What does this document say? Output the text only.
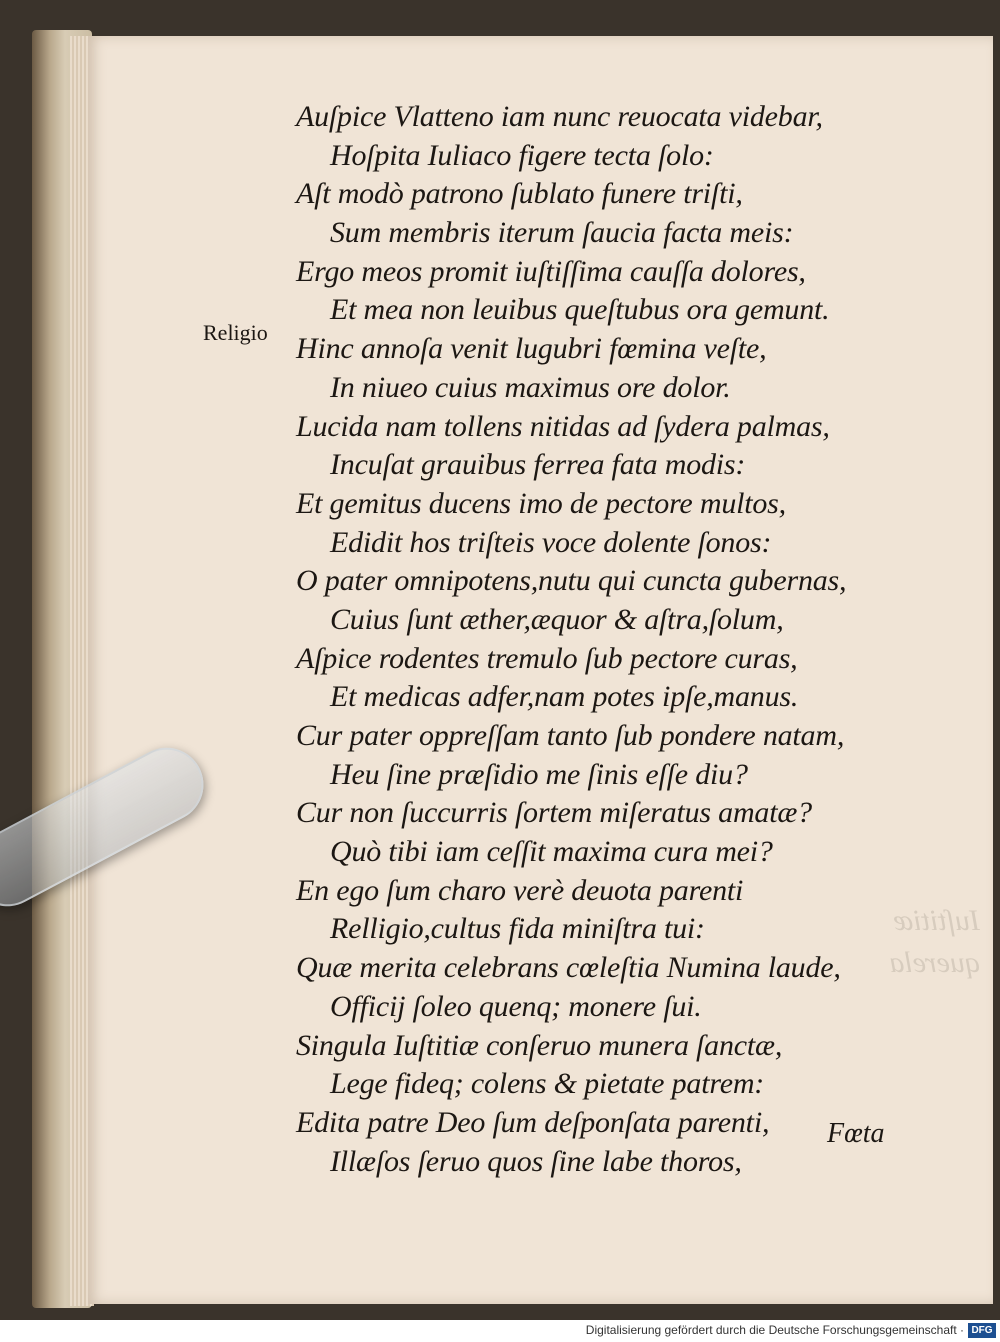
Iuſtitiæ
querela
Religio
Auſpice Vlatteno iam nunc reuocata videbar,
Hoſpita Iuliaco figere tecta ſolo:
Aſt modò patrono ſublato funere triſti,
Sum membris iterum ſaucia facta meis:
Ergo meos promit iuſtiſſima cauſſa dolores,
Et mea non leuibus queſtubus ora gemunt.
Hinc annoſa venit lugubri fœmina veſte,
In niueo cuius maximus ore dolor.
Lucida nam tollens nitidas ad ſydera palmas,
Incuſat grauibus ferrea fata modis:
Et gemitus ducens imo de pectore multos,
Edidit hos triſteis voce dolente ſonos:
O pater omnipotens,nutu qui cuncta gubernas,
Cuius ſunt æther,æquor & aſtra,ſolum,
Aſpice rodentes tremulo ſub pectore curas,
Et medicas adfer,nam potes ipſe,manus.
Cur pater oppreſſam tanto ſub pondere natam,
Heu ſine præſidio me ſinis eſſe diu?
Cur non ſuccurris ſortem miſeratus amatæ?
Quò tibi iam ceſſit maxima cura mei?
En ego ſum charo verè deuota parenti
Relligio,cultus fida miniſtra tui:
Quæ merita celebrans cœleſtia Numina laude,
Officij ſoleo quenq; monere ſui.
Singula Iuſtitiæ conſeruo munera ſanctæ,
Lege fideq; colens & pietate patrem:
Edita patre Deo ſum deſponſata parenti,
Illæſos ſeruo quos ſine labe thoros,
Fœta
Digitalisierung gefördert durch die Deutsche Forschungsgemeinschaft · DFG
